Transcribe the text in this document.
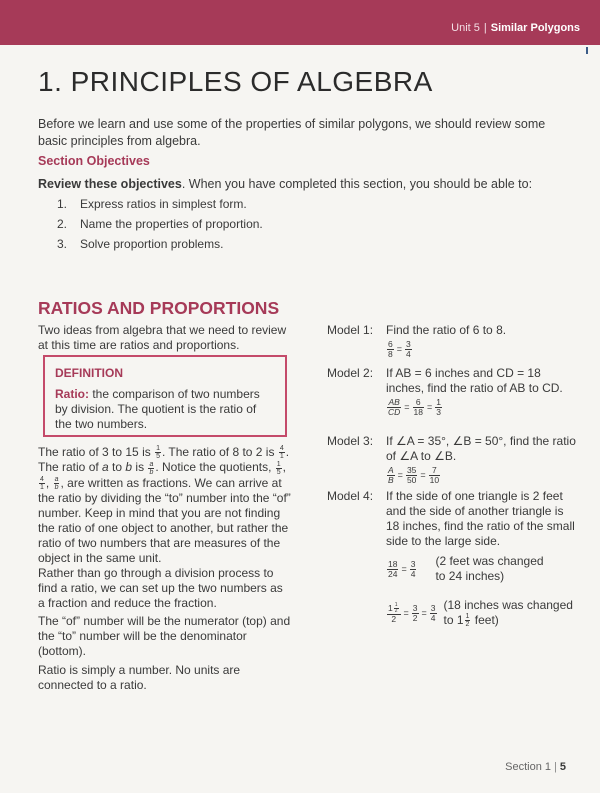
Unit 5 | Similar Polygons
1. PRINCIPLES OF ALGEBRA

Before we learn and use some of the properties of similar polygons, we should review some basic principles from algebra.

Section Objectives
Review these objectives. When you have completed this section, you should be able to:
1. Express ratios in simplest form.
2. Name the properties of proportion.
3. Solve proportion problems.
RATIOS AND PROPORTIONS

Two ideas from algebra that we need to review at this time are ratios and proportions.

DEFINITION
Ratio: the comparison of two numbers by division. The quotient is the ratio of the two numbers.

The ratio of 3 to 15 is $\frac{1}{5}$ . The ratio of 8 to 2 is $\frac{4}{1}$ . The ratio of a to b is $\frac{a}{b}$ . Notice the quotients, $\frac{1}{5}$ ,
$\frac{4}{1}$ , $\frac{a}{b}$ , are written as fractions. We can arrive at the ratio by dividing the “to” number into the “of” number. Keep in mind that you are not finding the ratio of one object to another, but rather the ratio of two numbers that are measures of the object in the same unit.

Rather than go through a division process to find a ratio, we can set up the two numbers as a fraction and reduce the fraction.

The “of” number will be the numerator (top) and the “to” number will be the denominator (bottom).

Ratio is simply a number. No units are connected to a ratio.

Model 1: Find the ratio of 6 to 8.
$\frac{6}{8} = \frac{3}{4}$
Model 2: If AB = 6 inches and CD = 18 inches, find the ratio of AB to CD.
$\frac{AB}{CD} = \frac{6}{18} = \frac{1}{3}$
Model 3: If ∠A = 35°, ∠B = 50°, find the ratio of ∠A to ∠B.
$\frac{A}{B} = \frac{35}{50} = \frac{7}{10}$
Model 4: If the side of one triangle is 2 feet and the side of another triangle is 18 inches, find the ratio of the small side to the large side.
$\frac{18}{24} = \frac{3}{4} (2$ feet was changed to 24 inches)
$\frac{1 \frac{1}{2}}{2} = \frac{3}{2} = \frac{3}{4} (18$ inches was changed to $1 \frac{1}{2}$ feet)
Section 1 | 5
